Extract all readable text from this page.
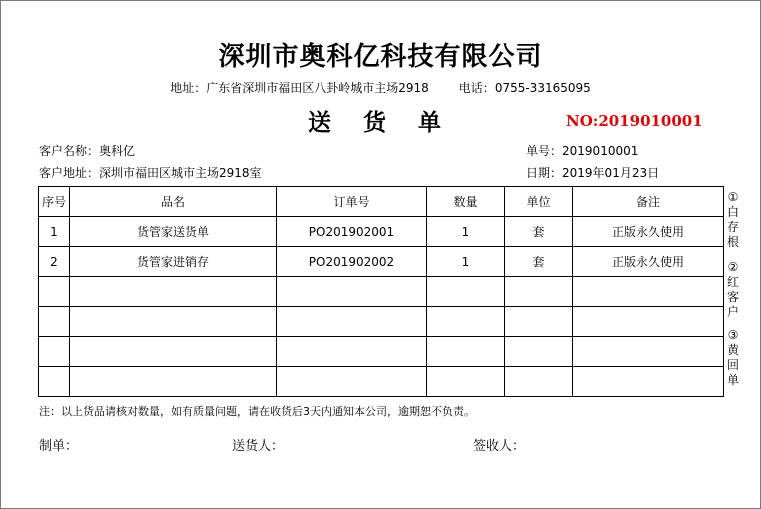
深圳市奥科亿科技有限公司
地址：广东省深圳市福田区八卦岭城市主场2918	电话：0755-33165095
送 货 单	NO:2019010001
客户名称：奥科亿
客户地址：深圳市福田区城市主场2918室
单号：2019010001
日期：2019年01月23日
序号	品名	订单号	数量	单位	备注
1	货管家送货单	PO201902001	1	套	正版永久使用
2	货管家进销存	PO201902002	1	套	正版永久使用

①
白
存
根
②
红
客
户
③
黄
回
单
注：以上货品请核对数量，如有质量问题，请在收货后3天内通知本公司，逾期恕不负责。
制单：	送货人：	签收人：
